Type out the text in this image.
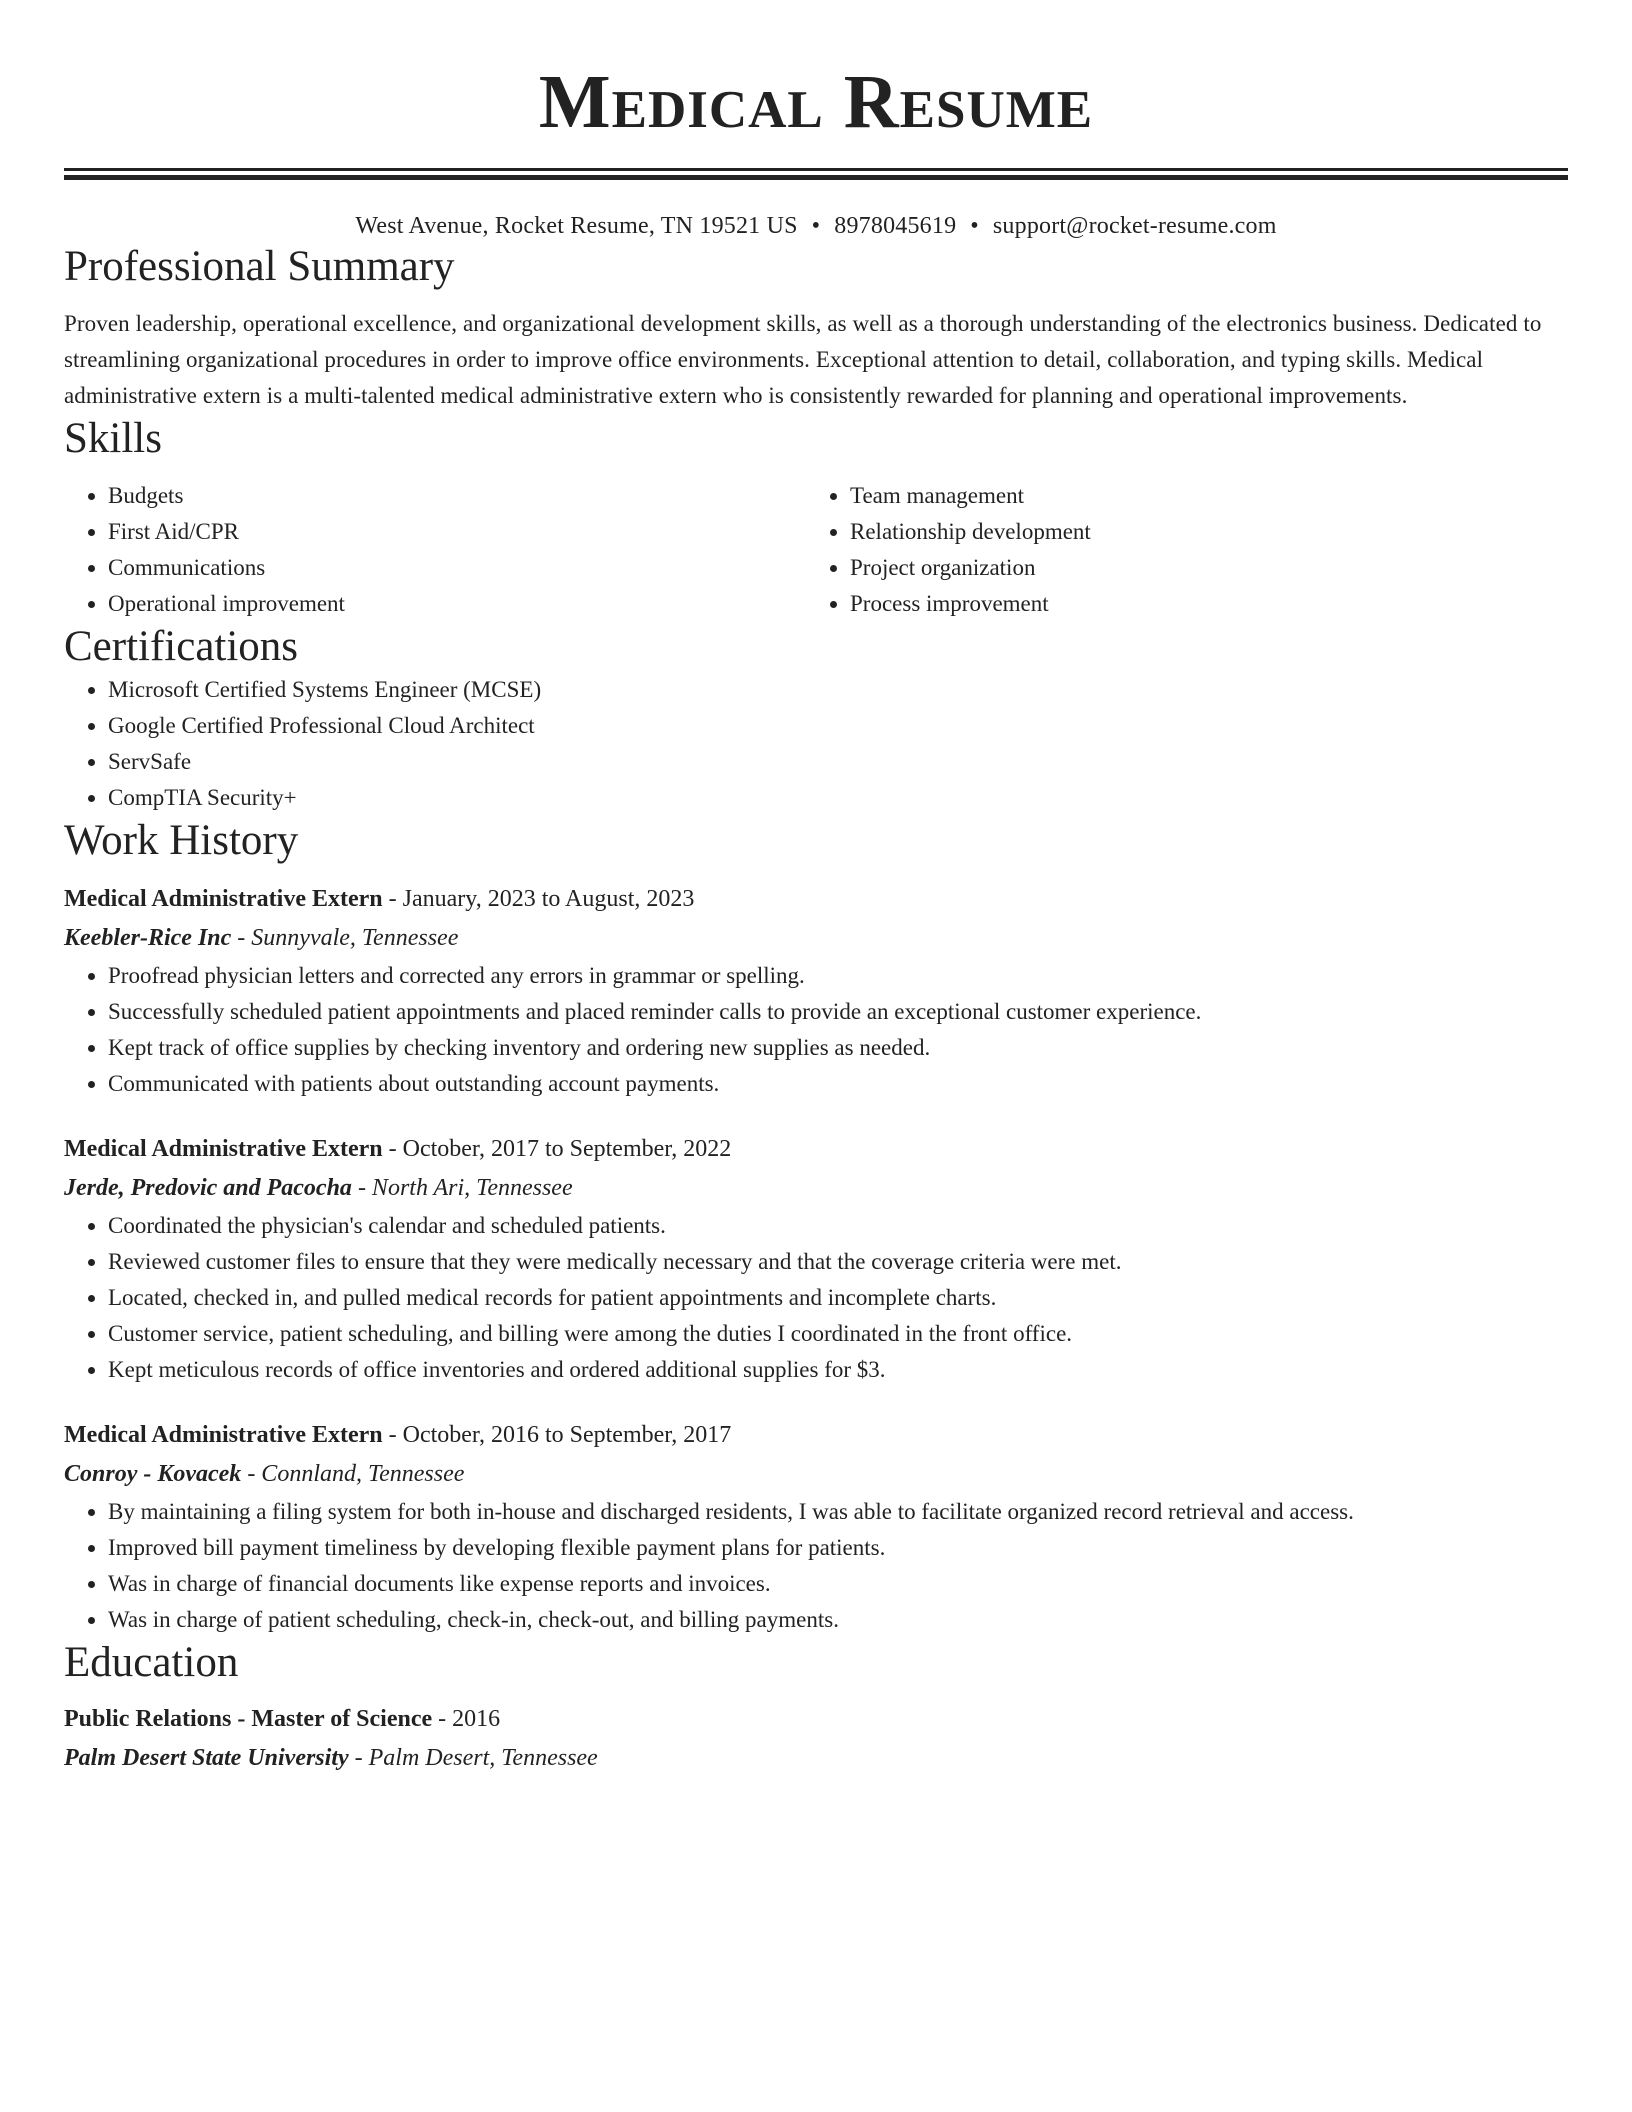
Medical Resume
West Avenue, Rocket Resume, TN 19521 US • 8978045619 • support@rocket-resume.com
Professional Summary
Proven leadership, operational excellence, and organizational development skills, as well as a thorough understanding of the electronics business. Dedicated to streamlining organizational procedures in order to improve office environments. Exceptional attention to detail, collaboration, and typing skills. Medical administrative extern is a multi-talented medical administrative extern who is consistently rewarded for planning and operational improvements.
Skills
• Budgets
• First Aid/CPR
• Communications
• Operational improvement
• Team management
• Relationship development
• Project organization
• Process improvement
Certifications
• Microsoft Certified Systems Engineer (MCSE)
• Google Certified Professional Cloud Architect
• ServSafe
• CompTIA Security+
Work History
Medical Administrative Extern - January, 2023 to August, 2023
Keebler-Rice Inc - Sunnyvale, Tennessee
• Proofread physician letters and corrected any errors in grammar or spelling.
• Successfully scheduled patient appointments and placed reminder calls to provide an exceptional customer experience.
• Kept track of office supplies by checking inventory and ordering new supplies as needed.
• Communicated with patients about outstanding account payments.
Medical Administrative Extern - October, 2017 to September, 2022
Jerde, Predovic and Pacocha - North Ari, Tennessee
• Coordinated the physician's calendar and scheduled patients.
• Reviewed customer files to ensure that they were medically necessary and that the coverage criteria were met.
• Located, checked in, and pulled medical records for patient appointments and incomplete charts.
• Customer service, patient scheduling, and billing were among the duties I coordinated in the front office.
• Kept meticulous records of office inventories and ordered additional supplies for $3.
Medical Administrative Extern - October, 2016 to September, 2017
Conroy - Kovacek - Connland, Tennessee
• By maintaining a filing system for both in-house and discharged residents, I was able to facilitate organized record retrieval and access.
• Improved bill payment timeliness by developing flexible payment plans for patients.
• Was in charge of financial documents like expense reports and invoices.
• Was in charge of patient scheduling, check-in, check-out, and billing payments.
Education
Public Relations - Master of Science - 2016
Palm Desert State University - Palm Desert, Tennessee
